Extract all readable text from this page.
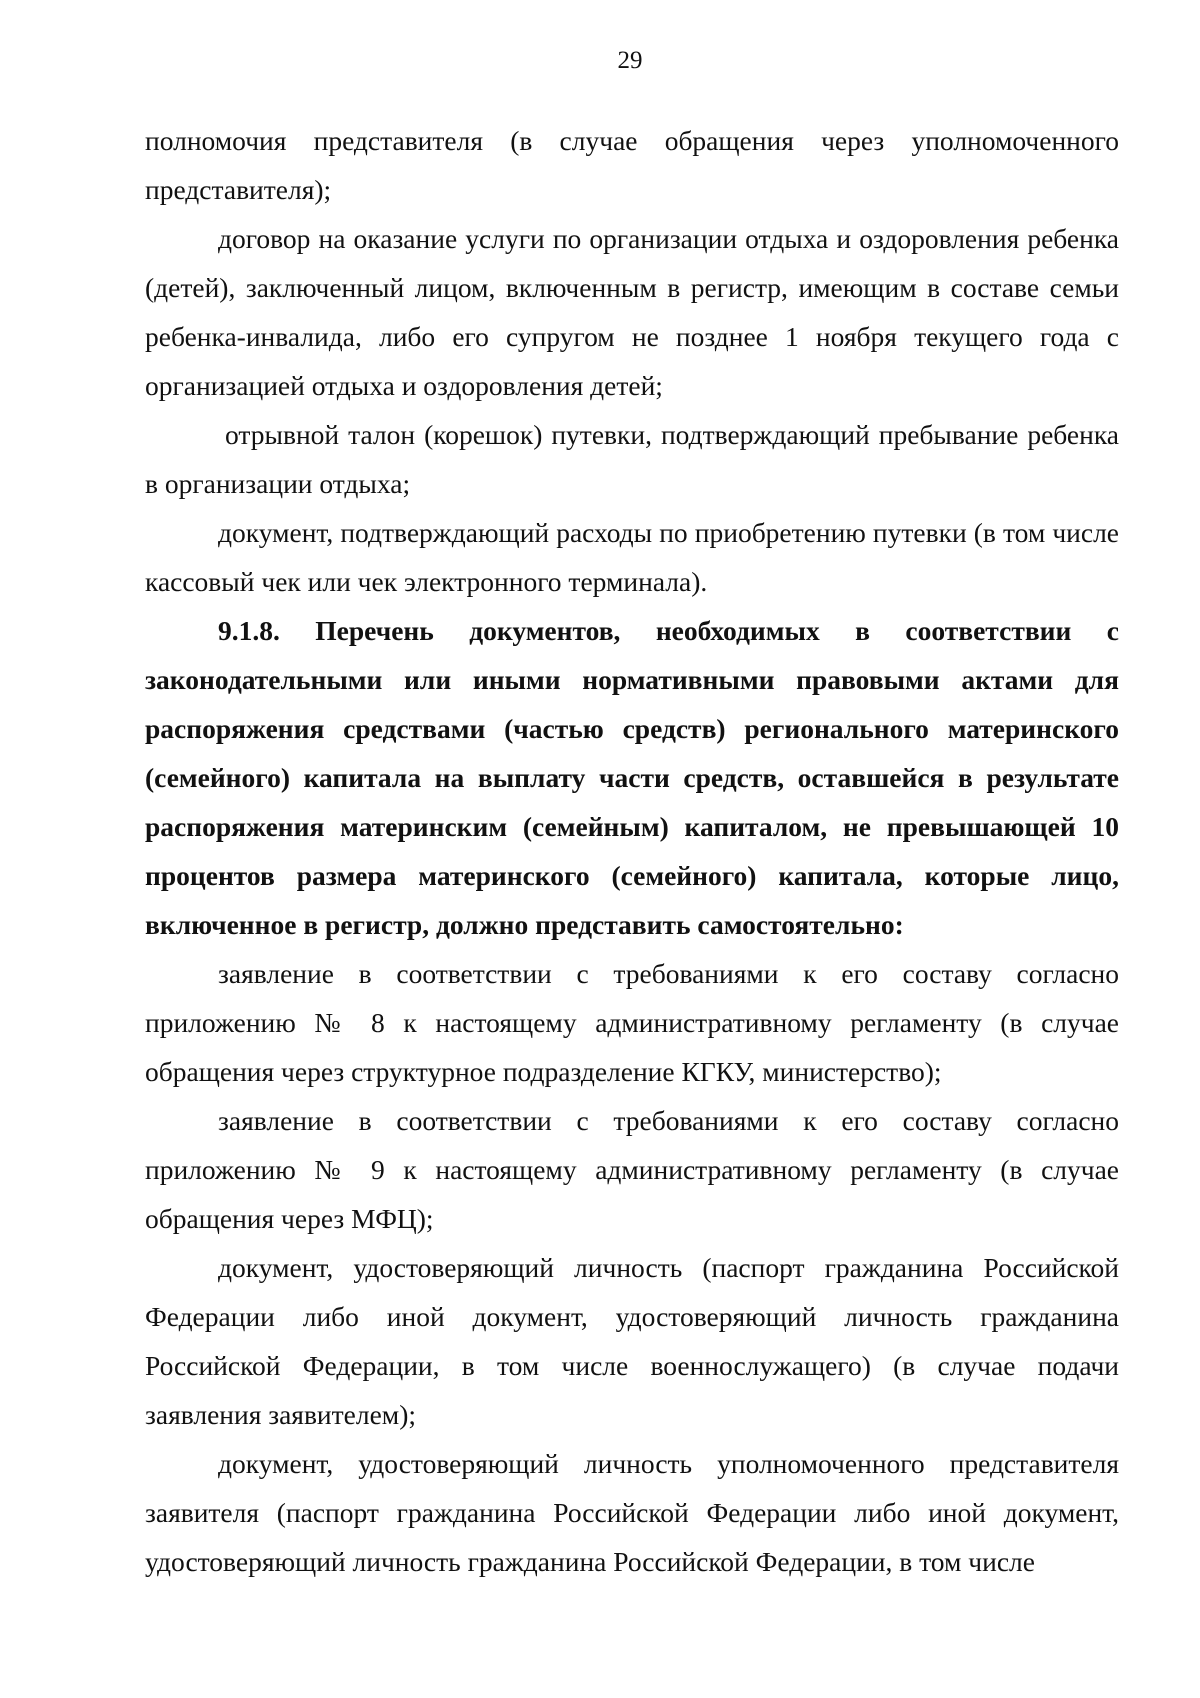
29

полномочия представителя (в случае обращения через уполномоченного представителя);

договор на оказание услуги по организации отдыха и оздоровления ребенка (детей), заключенный лицом, включенным в регистр, имеющим в составе семьи ребенка-инвалида, либо его супругом не позднее 1 ноября текущего года с организацией отдыха и оздоровления детей;

отрывной талон (корешок) путевки, подтверждающий пребывание ребенка в организации отдыха;

документ, подтверждающий расходы по приобретению путевки (в том числе кассовый чек или чек электронного терминала).

9.1.8. Перечень документов, необходимых в соответствии с законодательными или иными нормативными правовыми актами для распоряжения средствами (частью средств) регионального материнского (семейного) капитала на выплату части средств, оставшейся в результате распоряжения материнским (семейным) капиталом, не превышающей 10 процентов размера материнского (семейного) капитала, которые лицо, включенное в регистр, должно представить самостоятельно:

заявление в соответствии с требованиями к его составу согласно приложению № 8 к настоящему административному регламенту (в случае обращения через структурное подразделение КГКУ, министерство);

заявление в соответствии с требованиями к его составу согласно приложению № 9 к настоящему административному регламенту (в случае обращения через МФЦ);

документ, удостоверяющий личность (паспорт гражданина Российской Федерации либо иной документ, удостоверяющий личность гражданина Российской Федерации, в том числе военнослужащего) (в случае подачи заявления заявителем);

документ, удостоверяющий личность уполномоченного представителя заявителя (паспорт гражданина Российской Федерации либо иной документ, удостоверяющий личность гражданина Российской Федерации, в том числе
